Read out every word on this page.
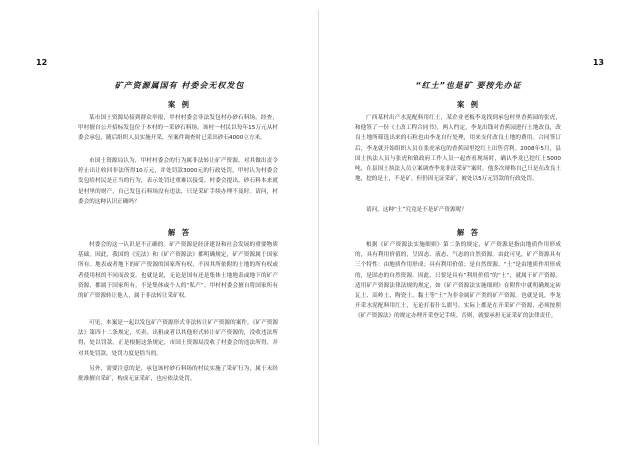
12
矿产资源属国有 村委会无权发包
案 例
某市国土资源局接到群众举报，甲村村委会非法发包村办砂石料场。经查，甲村擅自公开招标发包位于本村的一采砂石料场，该村一村民以每年15万元从村委会承包，随后组织人员实施开采，至案件调查时已采出砂石4000立方米。
市国土资源局认为，甲村村委会的行为属非法转让矿产资源，对其做出责令停止出让收回非法所得10万元，并处罚款3000元的行政处罚。甲村认为村委会发包给村民是正当的行为，表示处罚过重难以接受。村委会提出，砂石料本来就是村里的财产，自己发包石料场没有违法，只是采矿手续办理不及时。请问，村委会的这种认识正确吗？
解 答
村委会的这一认识是不正确的。矿产资源是经济建设和社会发展的重要物质基础。因此，我国的《宪法》和《矿产资源法》都明确规定，矿产资源属于国家所有。地表或者地下的矿产资源的国家所有权，不因其所依附的土地的所有权或者使用权的不同而改变。也就是说，无论是国有还是集体土地地表或地下的矿产资源，都属于国家所有，不是集体或个人的“私产”。甲村村委会擅自将国家所有的矿产资源转让他人，属于非法转让采矿权。
可见，本案是一起以发包矿产资源形式非法转让矿产资源的案件。《矿产资源法》第四十二条规定，买卖、出租或者以其他形式转让矿产资源的，没收违法所得，处以罚款。正是根据这条规定，市国土资源局没收了村委会的违法所得，并对其处罚款，处罚力度是恰当的。
另外，需要注意的是，承包该村砂石料场的村民实施了采矿行为，属于未经批准擅自采矿，构成无证采矿，也应依法处罚。
13
“红土”也是矿 要按先办证
案 例
广西某村出产水泥配料用红土，某企业老板李龙找到承包村里香蕉园的张虎，和他签了一份《土改工程合同书》，两人约定，李龙出钱对香蕉园进行土地改良，改良土地所筛选出来的石粒也由李龙自行处理，用来支付改良土地的费用。合同签订后，李龙就开始组织人员在张虎承包的香蕉园里挖红土出售营利。2008年5月，县国土执法人员与张虎和镇政府工作人员一起查看现场时，确认李龙已挖红土5000吨，在县国土执法人员立案调查李龙非法采矿”案时，他多次辩称自己只是在改良土地，挖的是土，不是矿。但仍因无证采矿，被处以5万元罚款的行政处罚。
请问，这种“土”究竟是不是矿产资源呢？
解 答
根据《矿产资源法实施细则》第二条的规定，矿产资源是指由地质作用形成的，具有利用价值的，呈固态、液态、气态的自然资源。由此可见，矿产资源具有三个特性：由地质作用形成；具有利用价值；是自然资源。“土”是由地质作用形成的，是固态的自然资源。因此，只要是具有“利用价值”的“土”，就属于矿产资源。适用矿产资源法律法规的规定，如《矿产资源法实施细则》在附件中就明确规定砖瓦土、高岭土、陶瓷土、黏土等“土”为非金属矿产类的矿产资源。也就是说，李龙开采水泥配料用红土，无论打着什么旗号，实际上都是在开采矿产资源，必须按照《矿产资源法》的规定办理开采登记手续。否则，就要承担无证采矿的法律责任。
